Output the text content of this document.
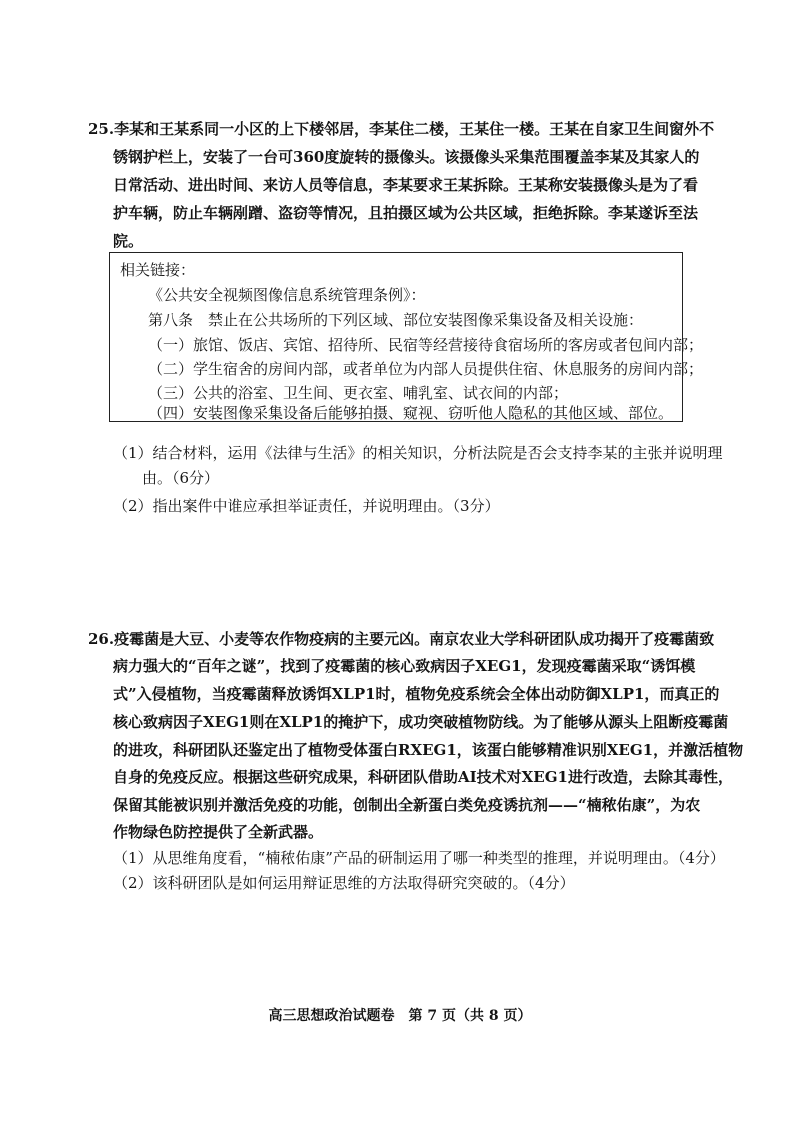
25.李某和王某系同一小区的上下楼邻居，李某住二楼，王某住一楼。王某在自家卫生间窗外不
锈钢护栏上，安装了一台可360度旋转的摄像头。该摄像头采集范围覆盖李某及其家人的
日常活动、进出时间、来访人员等信息，李某要求王某拆除。王某称安装摄像头是为了看
护车辆，防止车辆剐蹭、盗窃等情况，且拍摄区域为公共区域，拒绝拆除。李某遂诉至法
院。
相关链接：
《公共安全视频图像信息系统管理条例》：
第八条　禁止在公共场所的下列区域、部位安装图像采集设备及相关设施：
（一）旅馆、饭店、宾馆、招待所、民宿等经营接待食宿场所的客房或者包间内部；
（二）学生宿舍的房间内部，或者单位为内部人员提供住宿、休息服务的房间内部；
（三）公共的浴室、卫生间、更衣室、哺乳室、试衣间的内部；
（四）安装图像采集设备后能够拍摄、窥视、窃听他人隐私的其他区域、部位。
（1）结合材料，运用《法律与生活》的相关知识，分析法院是否会支持李某的主张并说明理
由。（6分）
（2）指出案件中谁应承担举证责任，并说明理由。（3分）
26.疫霉菌是大豆、小麦等农作物疫病的主要元凶。南京农业大学科研团队成功揭开了疫霉菌致
病力强大的“百年之谜”，找到了疫霉菌的核心致病因子XEG1，发现疫霉菌采取“诱饵模
式”入侵植物，当疫霉菌释放诱饵XLP1时，植物免疫系统会全体出动防御XLP1，而真正的
核心致病因子XEG1则在XLP1的掩护下，成功突破植物防线。为了能够从源头上阻断疫霉菌
的进攻，科研团队还鉴定出了植物受体蛋白RXEG1，该蛋白能够精准识别XEG1，并激活植物
自身的免疫反应。根据这些研究成果，科研团队借助AI技术对XEG1进行改造，去除其毒性，
保留其能被识别并激活免疫的功能，创制出全新蛋白类免疫诱抗剂——“楠秾佑康”，为农
作物绿色防控提供了全新武器。
（1）从思维角度看，“楠秾佑康”产品的研制运用了哪一种类型的推理，并说明理由。（4分）
（2）该科研团队是如何运用辩证思维的方法取得研究突破的。（4分）
高三思想政治试题卷　第 7 页（共 8 页）
